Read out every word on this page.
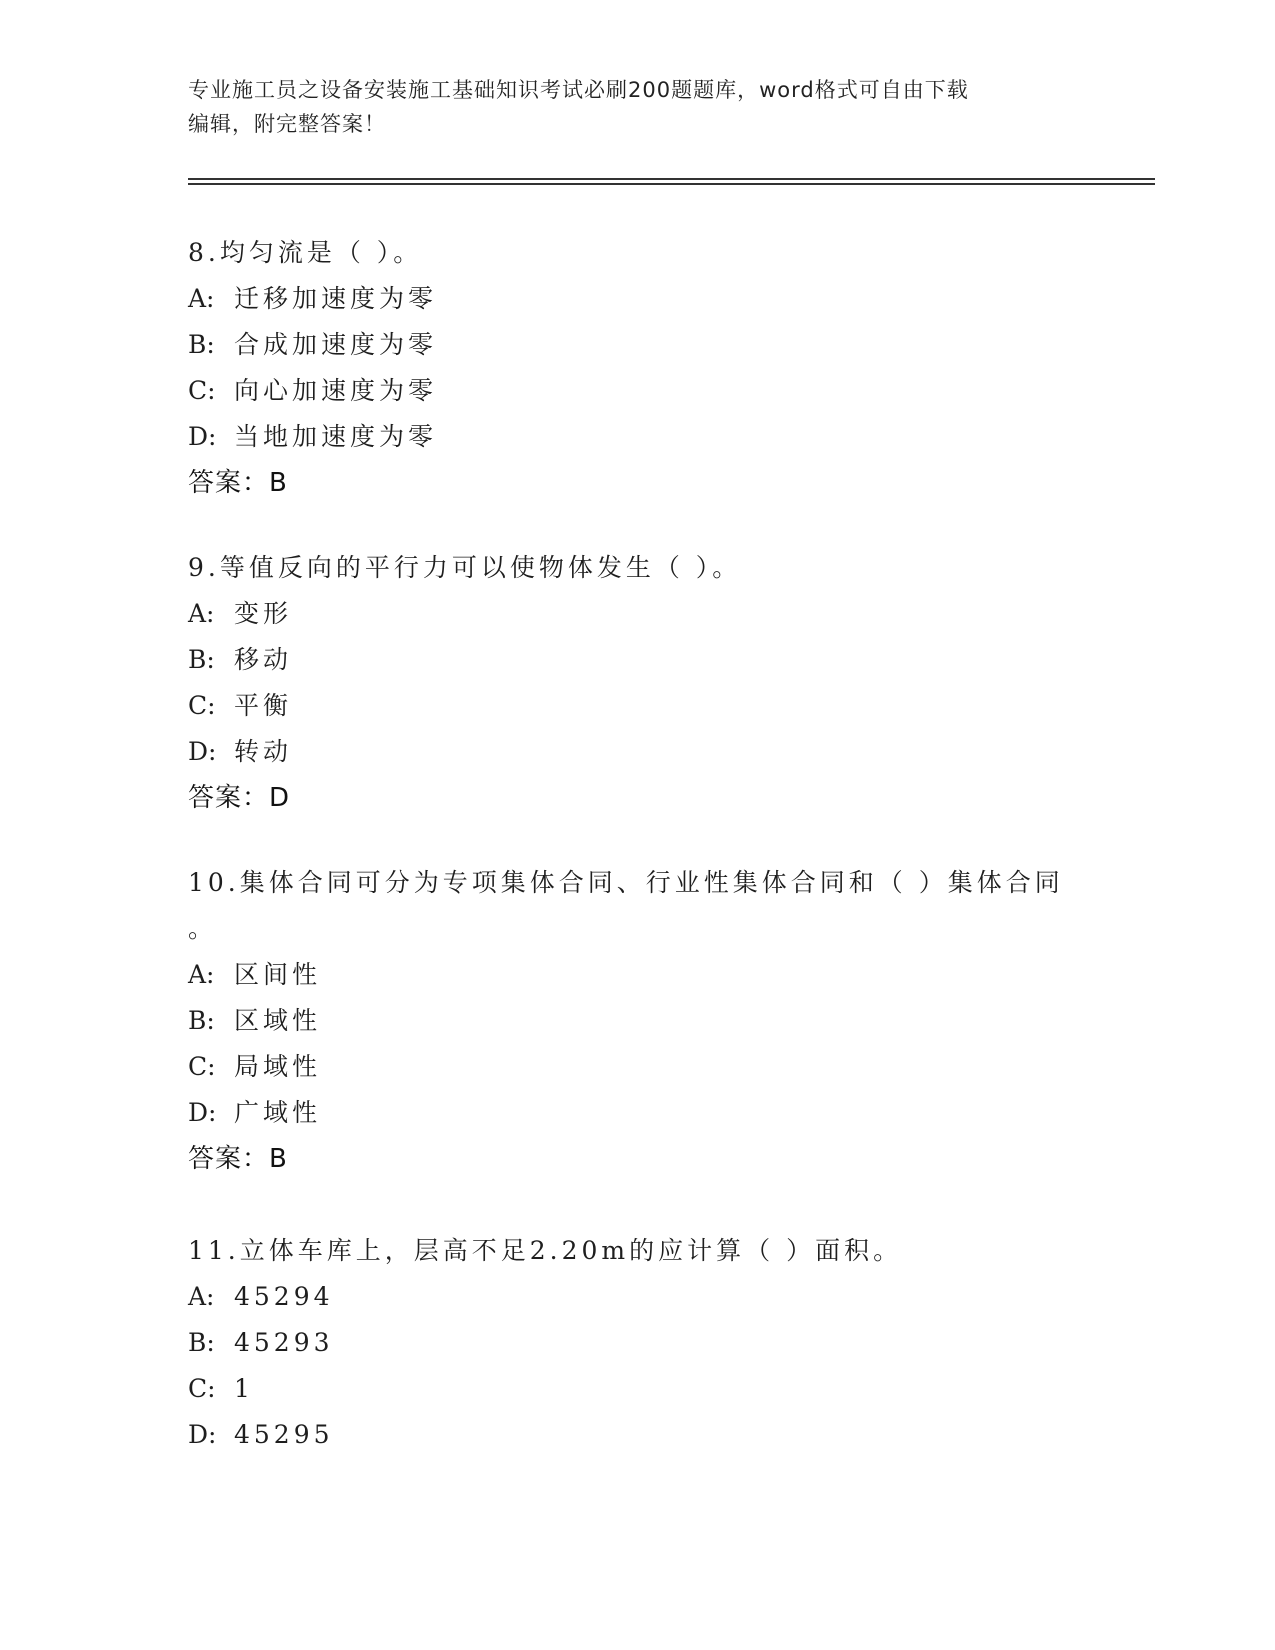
专业施工员之设备安装施工基础知识考试必刷200题题库，word格式可自由下载
编辑，附完整答案！

8.均匀流是（ ）。

A: 迁移加速度为零

B: 合成加速度为零

C: 向心加速度为零

D: 当地加速度为零

答案：B

9.等值反向的平行力可以使物体发生（ ）。

A: 变形

B: 移动

C: 平衡

D: 转动

答案：D

10.集体合同可分为专项集体合同、行业性集体合同和（ ）集体合同
。

A: 区间性

B: 区域性

C: 局域性

D: 广域性

答案：B

11.立体车库上，层高不足2.20m的应计算（ ）面积。

A: 45294

B: 45293

C: 1

D: 45295
